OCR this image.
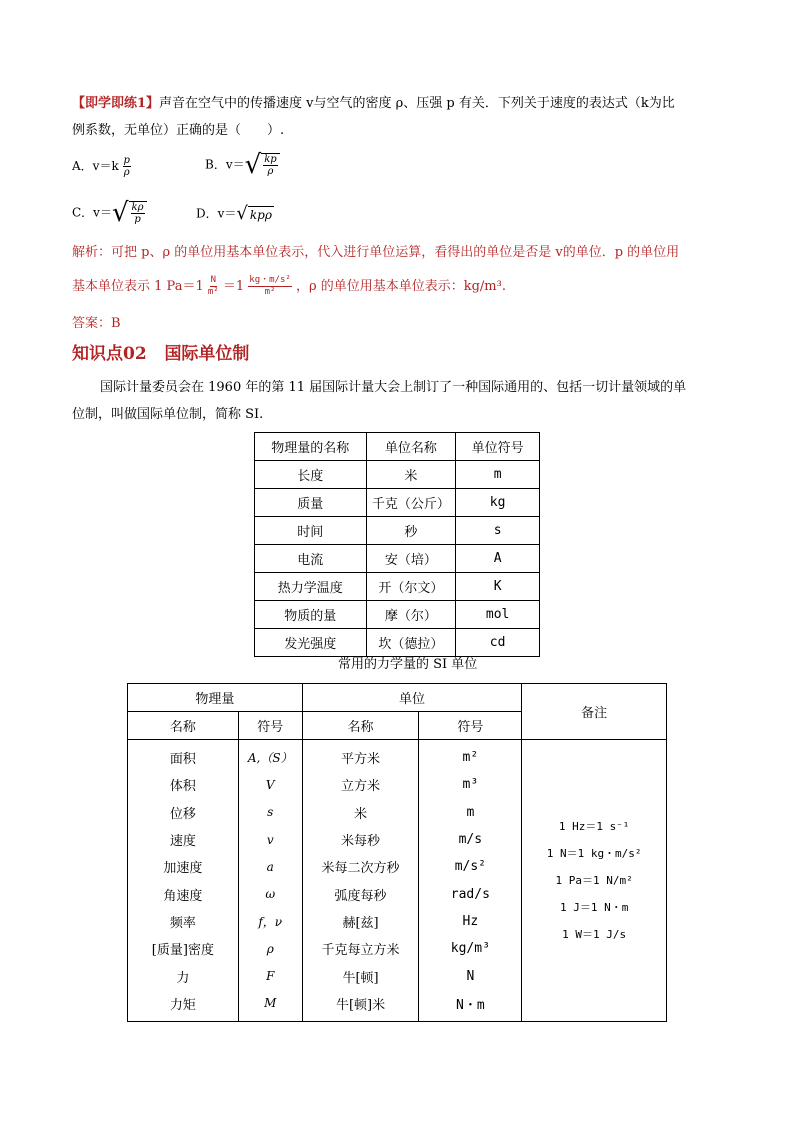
【即学即练1】声音在空气中的传播速度 v与空气的密度 ρ、压强 p 有关．下列关于速度的表达式（k为比
例系数，无单位）正确的是（　　）.
A．$v=k \frac{p}{\rho}$	B．v＝ √ $\frac{kp}{\rho}$
C．v＝ √ $\frac{k\rho}{p}$	D．v＝ √ kpρ
解析：可把 p、ρ 的单位用基本单位表示，代入进行单位运算，看得出的单位是否是 v的单位．p 的单位用
基本单位表示 1 $Pa=1 \frac{N}{\text{m²}} =1 \frac{\text{kg・m/s²}}{\text{m²}}$ ，ρ 的单位用基本单位表示：kg/m³.
答案：B
知识点02 国际单位制
国际计量委员会在 1960 年的第 11 届国际计量大会上制订了一种国际通用的、包括一切计量领域的单
位制，叫做国际单位制，简称 SI.
物理量的名称	单位名称	单位符号
长度	米	m
质量	千克（公斤）	kg
时间	秒	s
电流	安（培）	A
热力学温度	开（尔文）	K
物质的量	摩（尔）	mol
发光强度	坎（德拉）	cd
常用的力学量的 SI 单位
物理量		单位		备注
名称	符号	名称	符号	
面积	A,（S）	平方米	m²	1 Hz＝1 s⁻¹
1 N＝1 kg・m/s²
1 Pa＝1 N/m²
1 J＝1 N・m
1 W＝1 J/s

体积	V	立方米	m³	
位移	s	米	m	
速度	v	米每秒	m/s	
加速度	a	米每二次方秒	m/s²	
角速度	ω	弧度每秒	rad/s	
频率	f，ν	赫[兹]	Hz	
[质量]密度	ρ	千克每立方米	kg/m³	
力	F	牛[顿]	N	
力矩	M	牛[顿]米	N・m	
